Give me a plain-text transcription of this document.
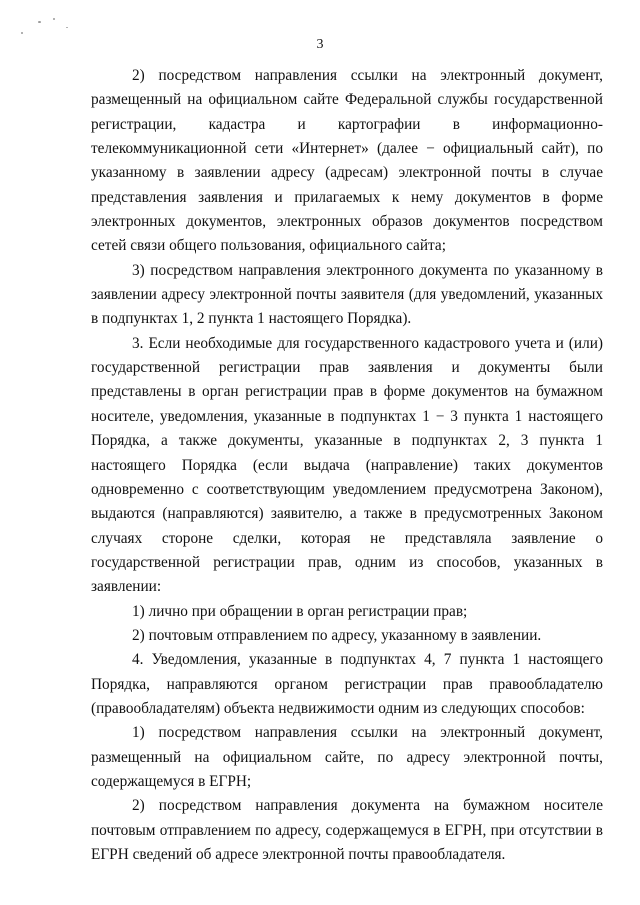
3

2) посредством направления ссылки на электронный документ, размещенный на официальном сайте Федеральной службы государственной регистрации, кадастра и картографии в информационно-телекоммуникационной сети «Интернет» (далее − официальный сайт), по указанному в заявлении адресу (адресам) электронной почты в случае представления заявления и прилагаемых к нему документов в форме электронных документов, электронных образов документов посредством сетей связи общего пользования, официального сайта;

3) посредством направления электронного документа по указанному в заявлении адресу электронной почты заявителя (для уведомлений, указанных в подпунктах 1, 2 пункта 1 настоящего Порядка).

3. Если необходимые для государственного кадастрового учета и (или) государственной регистрации прав заявления и документы были представлены в орган регистрации прав в форме документов на бумажном носителе, уведомления, указанные в подпунктах 1 − 3 пункта 1 настоящего Порядка, а также документы, указанные в подпунктах 2, 3 пункта 1 настоящего Порядка (если выдача (направление) таких документов одновременно с соответствующим уведомлением предусмотрена Законом), выдаются (направляются) заявителю, а также в предусмотренных Законом случаях стороне сделки, которая не представляла заявление о государственной регистрации прав, одним из способов, указанных в заявлении:

1) лично при обращении в орган регистрации прав;

2) почтовым отправлением по адресу, указанному в заявлении.

4. Уведомления, указанные в подпунктах 4, 7 пункта 1 настоящего Порядка, направляются органом регистрации прав правообладателю (правообладателям) объекта недвижимости одним из следующих способов:

1) посредством направления ссылки на электронный документ, размещенный на официальном сайте, по адресу электронной почты, содержащемуся в ЕГРН;

2) посредством направления документа на бумажном носителе почтовым отправлением по адресу, содержащемуся в ЕГРН, при отсутствии в ЕГРН сведений об адресе электронной почты правообладателя.
